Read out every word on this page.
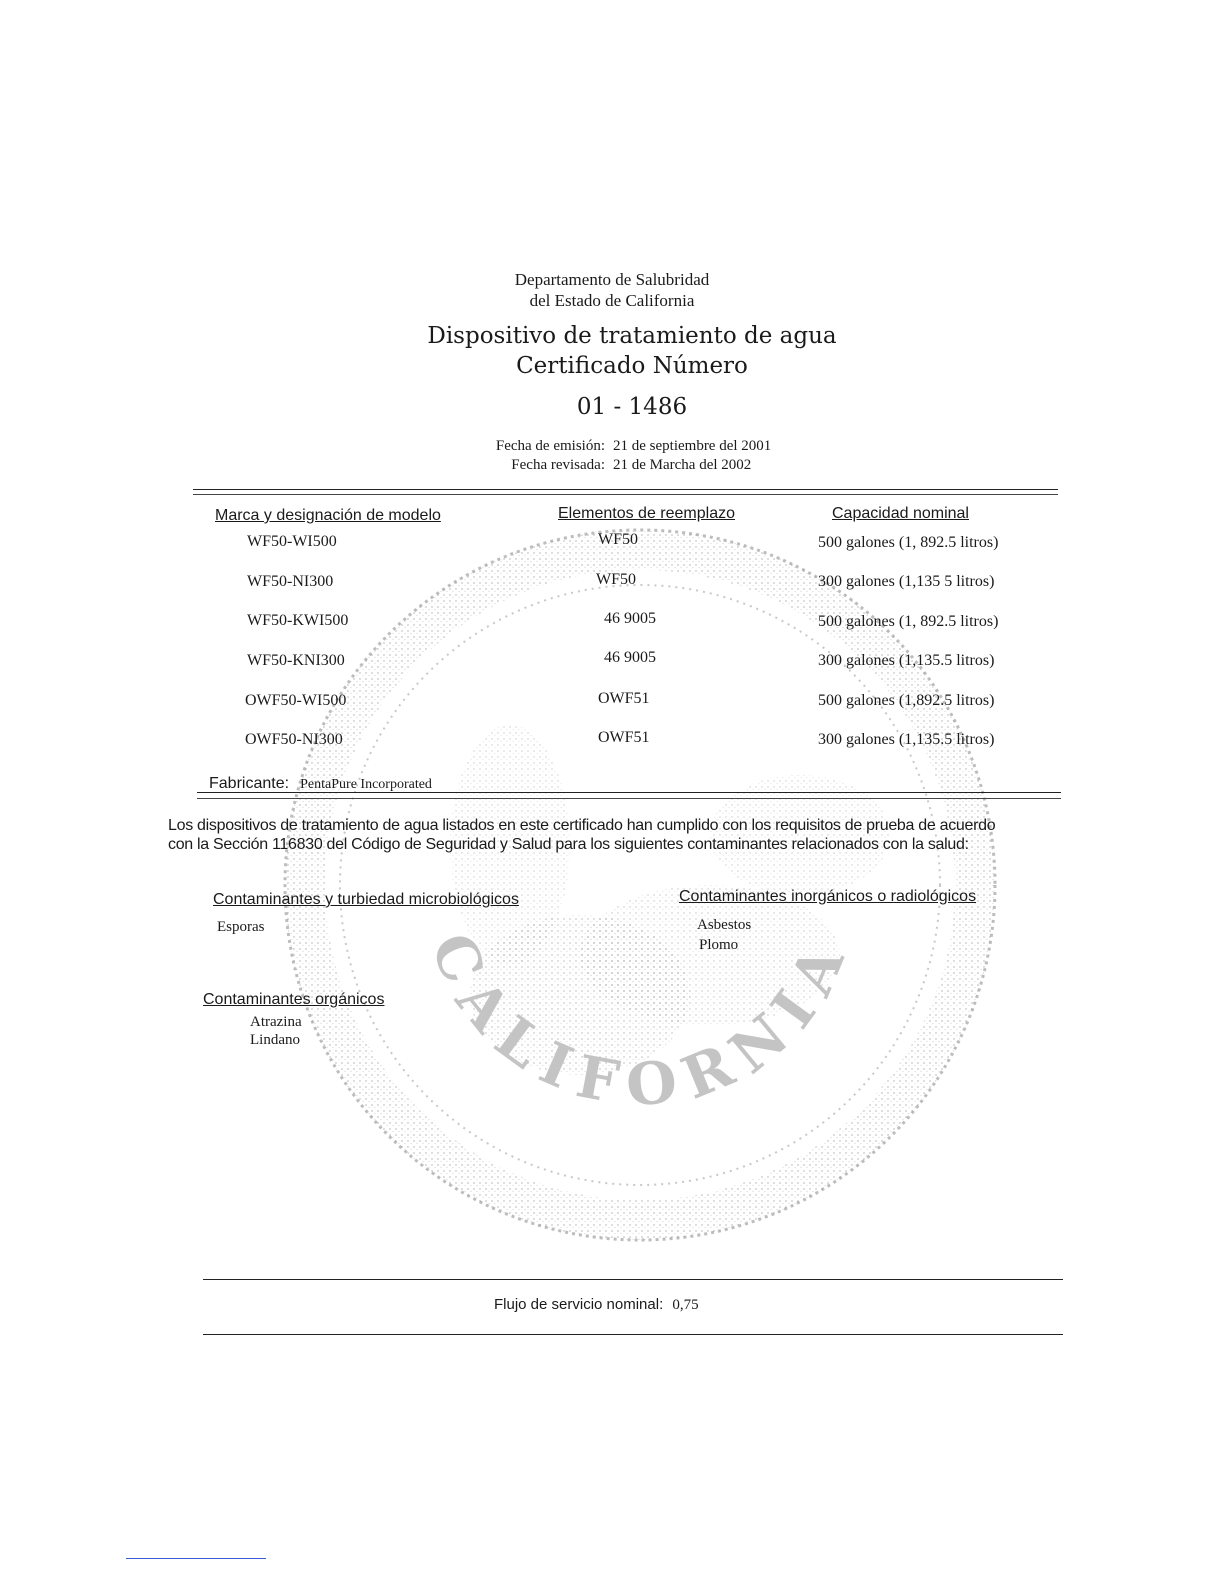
CALIFORNIA
Departamento de Salubridad
del Estado de California
Dispositivo de tratamiento de agua
Certificado Número
01 - 1486
Fecha de emisión: 21 de septiembre del 2001
Fecha revisada: 21 de Marcha del 2002
Marca y designación de modelo	Elementos de reemplazo	Capacidad nominal
WF50-WI500	WF50	500 galones (1, 892.5 litros)
WF50-NI300	WF50	300 galones (1,135 5 litros)
WF50-KWI500	46 9005	500 galones (1, 892.5 litros)
WF50-KNI300	46 9005	300 galones (1,135.5 litros)
OWF50-WI500	OWF51	500 galones (1,892.5 litros)
OWF50-NI300	OWF51	300 galones (1,135.5 litros)
Fabricante: PentaPure Incorporated
Los dispositivos de tratamiento de agua listados en este certificado han cumplido con los requisitos de prueba de acuerdo
con la Sección 116830 del Código de Seguridad y Salud para los siguientes contaminantes relacionados con la salud:
Contaminantes y turbiedad microbiológicos
Esporas
Contaminantes inorgánicos o radiológicos
Asbestos
Plomo
Contaminantes orgánicos
Atrazina
Lindano
Flujo de servicio nominal: 0,75
